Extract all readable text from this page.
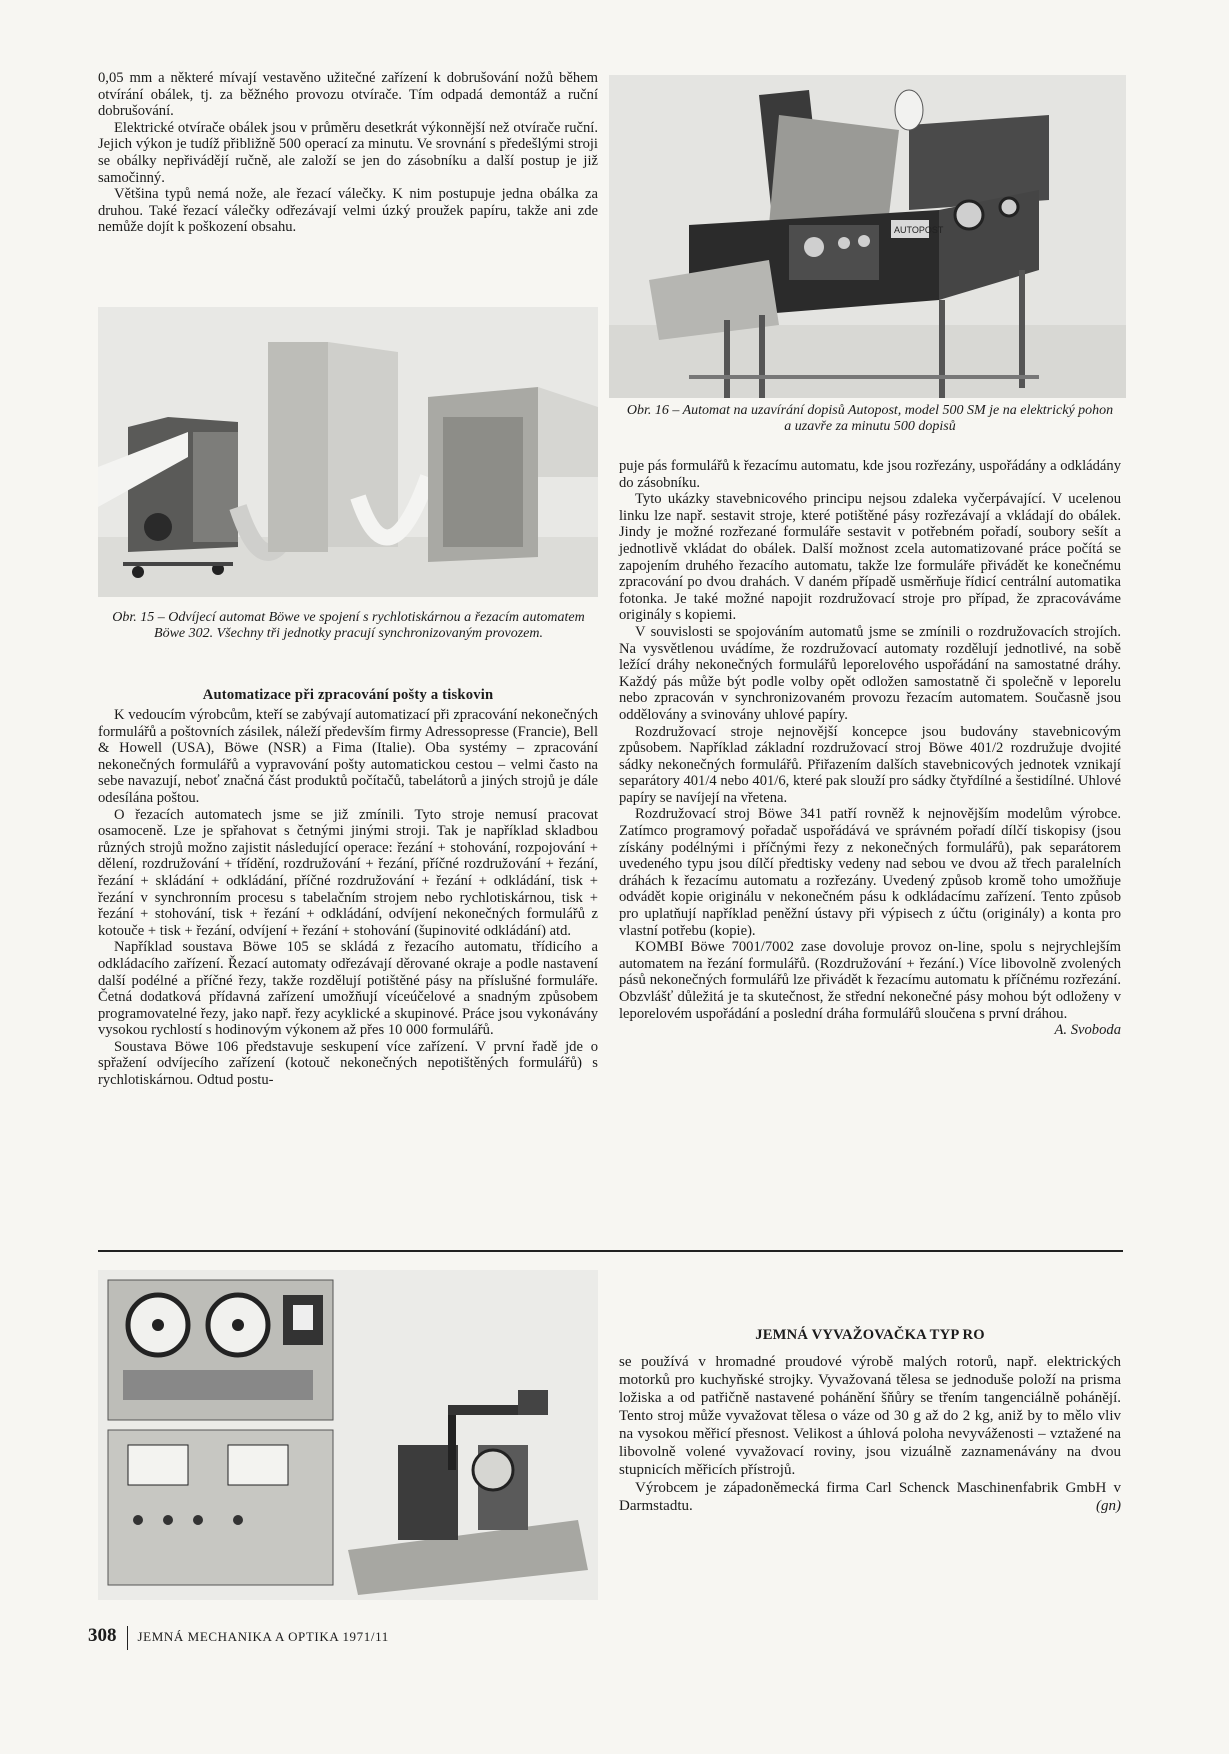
0,05 mm a některé mívají vestavěno užitečné zařízení k dobrušování nožů během otvírání obálek, tj. za běžného provozu otvírače. Tím odpadá demontáž a ruční dobrušování.

Elektrické otvírače obálek jsou v průměru desetkrát výkonnější než otvírače ruční. Jejich výkon je tudíž přibližně 500 operací za minutu. Ve srovnání s předešlými stroji se obálky nepřivádějí ručně, ale založí se jen do zásobníku a další postup je již samočinný.

Většina typů nemá nože, ale řezací válečky. K nim postupuje jedna obálka za druhou. Také řezací válečky odřezávají velmi úzký proužek papíru, takže ani zde nemůže dojít k poškození obsahu.	AUTOPOST
Obr. 16 – Automat na uzavírání dopisů Autopost, model 500 SM je na elektrický pohon a uzavře za minutu 500 dopisů
Obr. 15 – Odvíjecí automat Böwe ve spojení s rychlotiskárnou a řezacím automatem Böwe 302. Všechny tři jednotky pracují synchronizovaným provozem.
Automatizace při zpracování pošty a tiskovin

K vedoucím výrobcům, kteří se zabývají automatizací při zpracování nekonečných formulářů a poštovních zásilek, náleží především firmy Adressopresse (Francie), Bell & Howell (USA), Böwe (NSR) a Fima (Italie). Oba systémy – zpracování nekonečných formulářů a vypravování pošty automatickou cestou – velmi často na sebe navazují, neboť značná část produktů počítačů, tabelátorů a jiných strojů je dále odesílána poštou.

O řezacích automatech jsme se již zmínili. Tyto stroje nemusí pracovat osamoceně. Lze je spřahovat s četnými jinými stroji. Tak je například skladbou různých strojů možno zajistit následující operace: řezání + stohování, rozpojování + dělení, rozdružování + třídění, rozdružování + řezání, příčné rozdružování + řezání, řezání + skládání + odkládání, příčné rozdružování + řezání + odkládání, tisk + řezání v synchronním procesu s tabelačním strojem nebo rychlotiskárnou, tisk + řezání + stohování, tisk + řezání + odkládání, odvíjení nekonečných formulářů z kotouče + tisk + řezání, odvíjení + řezání + stohování (šupinovité odkládání) atd.

Například soustava Böwe 105 se skládá z řezacího automatu, třídicího a odkládacího zařízení. Řezací automaty odřezávají děrované okraje a podle nastavení další podélné a příčné řezy, takže rozdělují potištěné pásy na příslušné formuláře. Četná dodatková přídavná zařízení umožňují víceúčelové a snadným způsobem programovatelné řezy, jako např. řezy acyklické a skupinové. Práce jsou vykonávány vysokou rychlostí s hodinovým výkonem až přes 10 000 formulářů.

Soustava Böwe 106 představuje seskupení více zařízení. V první řadě jde o spřažení odvíjecího zařízení (kotouč nekonečných nepotištěných formulářů) s rychlotiskárnou. Odtud postu-

puje pás formulářů k řezacímu automatu, kde jsou rozřezány, uspořádány a odkládány do zásobníku.

Tyto ukázky stavebnicového principu nejsou zdaleka vyčerpávající. V ucelenou linku lze např. sestavit stroje, které potištěné pásy rozřezávají a vkládají do obálek. Jindy je možné rozřezané formuláře sestavit v potřebném pořadí, soubory sešít a jednotlivě vkládat do obálek. Další možnost zcela automatizované práce počítá se zapojením druhého řezacího automatu, takže lze formuláře přivádět ke konečnému zpracování po dvou drahách. V daném případě usměrňuje řídicí centrální automatika fotonka. Je také možné napojit rozdružovací stroje pro případ, že zpracováváme originály s kopiemi.

V souvislosti se spojováním automatů jsme se zmínili o rozdružovacích strojích. Na vysvětlenou uvádíme, že rozdružovací automaty rozdělují jednotlivé, na sobě ležící dráhy nekonečných formulářů leporelového uspořádání na samostatné dráhy. Každý pás může být podle volby opět odložen samostatně či společně v leporelu nebo zpracován v synchronizovaném provozu řezacím automatem. Současně jsou oddělovány a svinovány uhlové papíry.

Rozdružovací stroje nejnovější koncepce jsou budovány stavebnicovým způsobem. Například základní rozdružovací stroj Böwe 401/2 rozdružuje dvojité sádky nekonečných formulářů. Přiřazením dalších stavebnicových jednotek vznikají separátory 401/4 nebo 401/6, které pak slouží pro sádky čtyřdílné a šestidílné. Uhlové papíry se navíjejí na vřetena.

Rozdružovací stroj Böwe 341 patří rovněž k nejnovějším modelům výrobce. Zatímco programový pořadač uspořádává ve správném pořadí dílčí tiskopisy (jsou získány podélnými i příčnými řezy z nekonečných formulářů), pak separátorem uvedeného typu jsou dílčí předtisky vedeny nad sebou ve dvou až třech paralelních dráhách k řezacímu automatu a rozřezány. Uvedený způsob kromě toho umožňuje odvádět kopie originálu v nekonečném pásu k odkládacímu zařízení. Tento způsob pro uplatňují například peněžní ústavy při výpisech z účtu (originály) a konta pro vlastní potřebu (kopie).

KOMBI Böwe 7001/7002 zase dovoluje provoz on-line, spolu s nejrychlejším automatem na řezání formulářů. (Rozdružování + řezání.) Více libovolně zvolených pásů nekonečných formulářů lze přivádět k řezacímu automatu k příčnému rozřezání. Obzvlášť důležitá je ta skutečnost, že střední nekonečné pásy mohou být odloženy v leporelovém uspořádání a poslední dráha formulářů sloučena s první dráhou.
A. Svoboda

JEMNÁ VYVAŽOVAČKA TYP RO

se používá v hromadné proudové výrobě malých rotorů, např. elektrických motorků pro kuchyňské strojky. Vyvažovaná tělesa se jednoduše položí na prisma ložiska a od patřičně nastavené pohánění šňůry se třením tangenciálně pohánějí. Tento stroj může vyvažovat tělesa o váze od 30 g až do 2 kg, aniž by to mělo vliv na vysokou měřicí přesnost. Velikost a úhlová poloha nevyváženosti – vztažené na libovolně volené vyvažovací roviny, jsou vizuálně zaznamenávány na dvou stupnicích měřicích přístrojů.

Výrobcem je západoněmecká firma Carl Schenck Maschinenfabrik GmbH v Darmstadtu.	(gn)

308 JEMNÁ MECHANIKA A OPTIKA 1971/11
